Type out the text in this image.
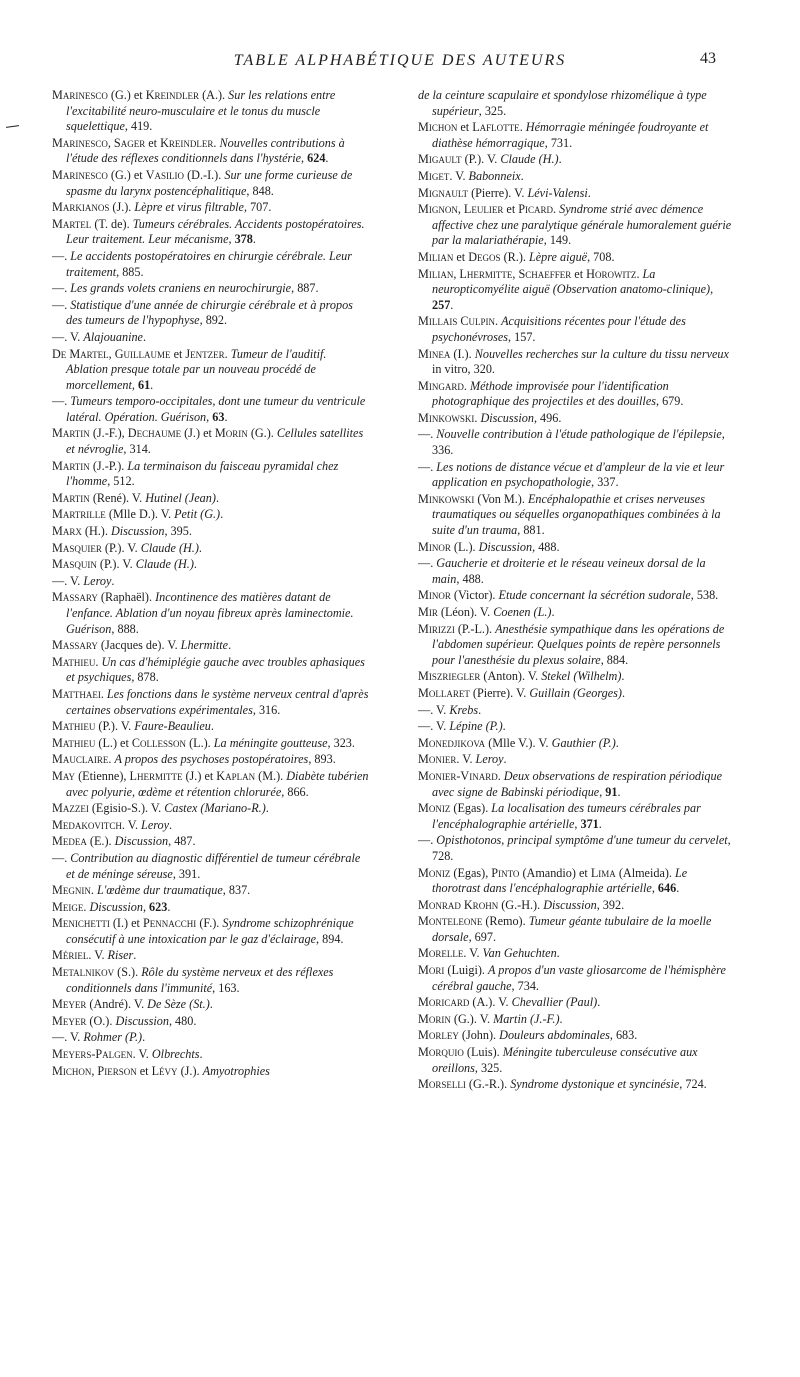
TABLE ALPHABÉTIQUE DES AUTEURS	43

Marinesco (G.) et Kreindler (A.). Sur les relations entre l'excitabilité neuro-musculaire et le tonus du muscle squelettique, 419.

Marinesco, Sager et Kreindler. Nouvelles contributions à l'étude des réflexes conditionnels dans l'hystérie, 624.

Marinesco (G.) et Vasilio (D.-I.). Sur une forme curieuse de spasme du larynx postencéphalitique, 848.

Markianos (J.). Lèpre et virus filtrable, 707.

Martel (T. de). Tumeurs cérébrales. Accidents postopératoires. Leur traitement. Leur mécanisme, 378.

—. Le accidents postopératoires en chirurgie cérébrale. Leur traitement, 885.

—. Les grands volets craniens en neurochirurgie, 887.

—. Statistique d'une année de chirurgie cérébrale et à propos des tumeurs de l'hypophyse, 892.

—. V. Alajouanine.

De Martel, Guillaume et Jentzer. Tumeur de l'auditif. Ablation presque totale par un nouveau procédé de morcellement, 61.

—. Tumeurs temporo-occipitales, dont une tumeur du ventricule latéral. Opération. Guérison, 63.

Martin (J.-F.), Dechaume (J.) et Morin (G.). Cellules satellites et névroglie, 314.

Martin (J.-P.). La terminaison du faisceau pyramidal chez l'homme, 512.

Martin (René). V. Hutinel (Jean).

Martrille (Mlle D.). V. Petit (G.).

Marx (H.). Discussion, 395.

Masquier (P.). V. Claude (H.).

Masquin (P.). V. Claude (H.).

—. V. Leroy.

Massary (Raphaël). Incontinence des matières datant de l'enfance. Ablation d'un noyau fibreux après laminectomie. Guérison, 888.

Massary (Jacques de). V. Lhermitte.

Mathieu. Un cas d'hémiplégie gauche avec troubles aphasiques et psychiques, 878.

Matthaei. Les fonctions dans le système nerveux central d'après certaines observations expérimentales, 316.

Mathieu (P.). V. Faure-Beaulieu.

Mathieu (L.) et Collesson (L.). La méningite goutteuse, 323.

Mauclaire. A propos des psychoses postopératoires, 893.

May (Etienne), Lhermitte (J.) et Kaplan (M.). Diabète tubérien avec polyurie, œdème et rétention chlorurée, 866.

Mazzei (Egisio-S.). V. Castex (Mariano-R.).

Medakovitch. V. Leroy.

Medea (E.). Discussion, 487.

—. Contribution au diagnostic différentiel de tumeur cérébrale et de méninge séreuse, 391.

Megnin. L'œdème dur traumatique, 837.

Meige. Discussion, 623.

Menichetti (I.) et Pennacchi (F.). Syndrome schizophrénique consécutif à une intoxication par le gaz d'éclairage, 894.

Mériel. V. Riser.

Metalnikov (S.). Rôle du système nerveux et des réflexes conditionnels dans l'immunité, 163.

Meyer (André). V. De Sèze (St.).

Meyer (O.). Discussion, 480.

—. V. Rohmer (P.).

Meyers-Palgen. V. Olbrechts.

Michon, Pierson et Lévy (J.). Amyotrophies

de la ceinture scapulaire et spondylose rhizomélique à type supérieur, 325.

Michon et Laflotte. Hémorragie méningée foudroyante et diathèse hémorragique, 731.

Migault (P.). V. Claude (H.).

Miget. V. Babonneix.

Mignault (Pierre). V. Lévi-Valensi.

Mignon, Leulier et Picard. Syndrome strié avec démence affective chez une paralytique générale humoralement guérie par la malariathérapie, 149.

Milian et Degos (R.). Lèpre aiguë, 708.

Milian, Lhermitte, Schaeffer et Horowitz. La neuropticomyélite aiguë (Observation anatomo-clinique), 257.

Millais Culpin. Acquisitions récentes pour l'étude des psychonévroses, 157.

Minea (I.). Nouvelles recherches sur la culture du tissu nerveux in vitro, 320.

Mingard. Méthode improvisée pour l'identification photographique des projectiles et des douilles, 679.

Minkowski. Discussion, 496.

—. Nouvelle contribution à l'étude pathologique de l'épilepsie, 336.

—. Les notions de distance vécue et d'ampleur de la vie et leur application en psychopathologie, 337.

Minkowski (Von M.). Encéphalopathie et crises nerveuses traumatiques ou séquelles organopathiques combinées à la suite d'un trauma, 881.

Minor (L.). Discussion, 488.

—. Gaucherie et droiterie et le réseau veineux dorsal de la main, 488.

Minor (Victor). Etude concernant la sécrétion sudorale, 538.

Mir (Léon). V. Coenen (L.).

Mirizzi (P.-L.). Anesthésie sympathique dans les opérations de l'abdomen supérieur. Quelques points de repère personnels pour l'anesthésie du plexus solaire, 884.

Miszriegler (Anton). V. Stekel (Wilhelm).

Mollaret (Pierre). V. Guillain (Georges).

—. V. Krebs.

—. V. Lépine (P.).

Monedjikova (Mlle V.). V. Gauthier (P.).

Monier. V. Leroy.

Monier-Vinard. Deux observations de respiration périodique avec signe de Babinski périodique, 91.

Moniz (Egas). La localisation des tumeurs cérébrales par l'encéphalographie artérielle, 371.

—. Opisthotonos, principal symptôme d'une tumeur du cervelet, 728.

Moniz (Egas), Pinto (Amandio) et Lima (Almeida). Le thorotrast dans l'encéphalographie artérielle, 646.

Monrad Krohn (G.-H.). Discussion, 392.

Monteleone (Remo). Tumeur géante tubulaire de la moelle dorsale, 697.

Morelle. V. Van Gehuchten.

Mori (Luigi). A propos d'un vaste gliosarcome de l'hémisphère cérébral gauche, 734.

Moricard (A.). V. Chevallier (Paul).

Morin (G.). V. Martin (J.-F.).

Morley (John). Douleurs abdominales, 683.

Morquio (Luis). Méningite tuberculeuse consécutive aux oreillons, 325.

Morselli (G.-R.). Syndrome dystonique et syncinésie, 724.
